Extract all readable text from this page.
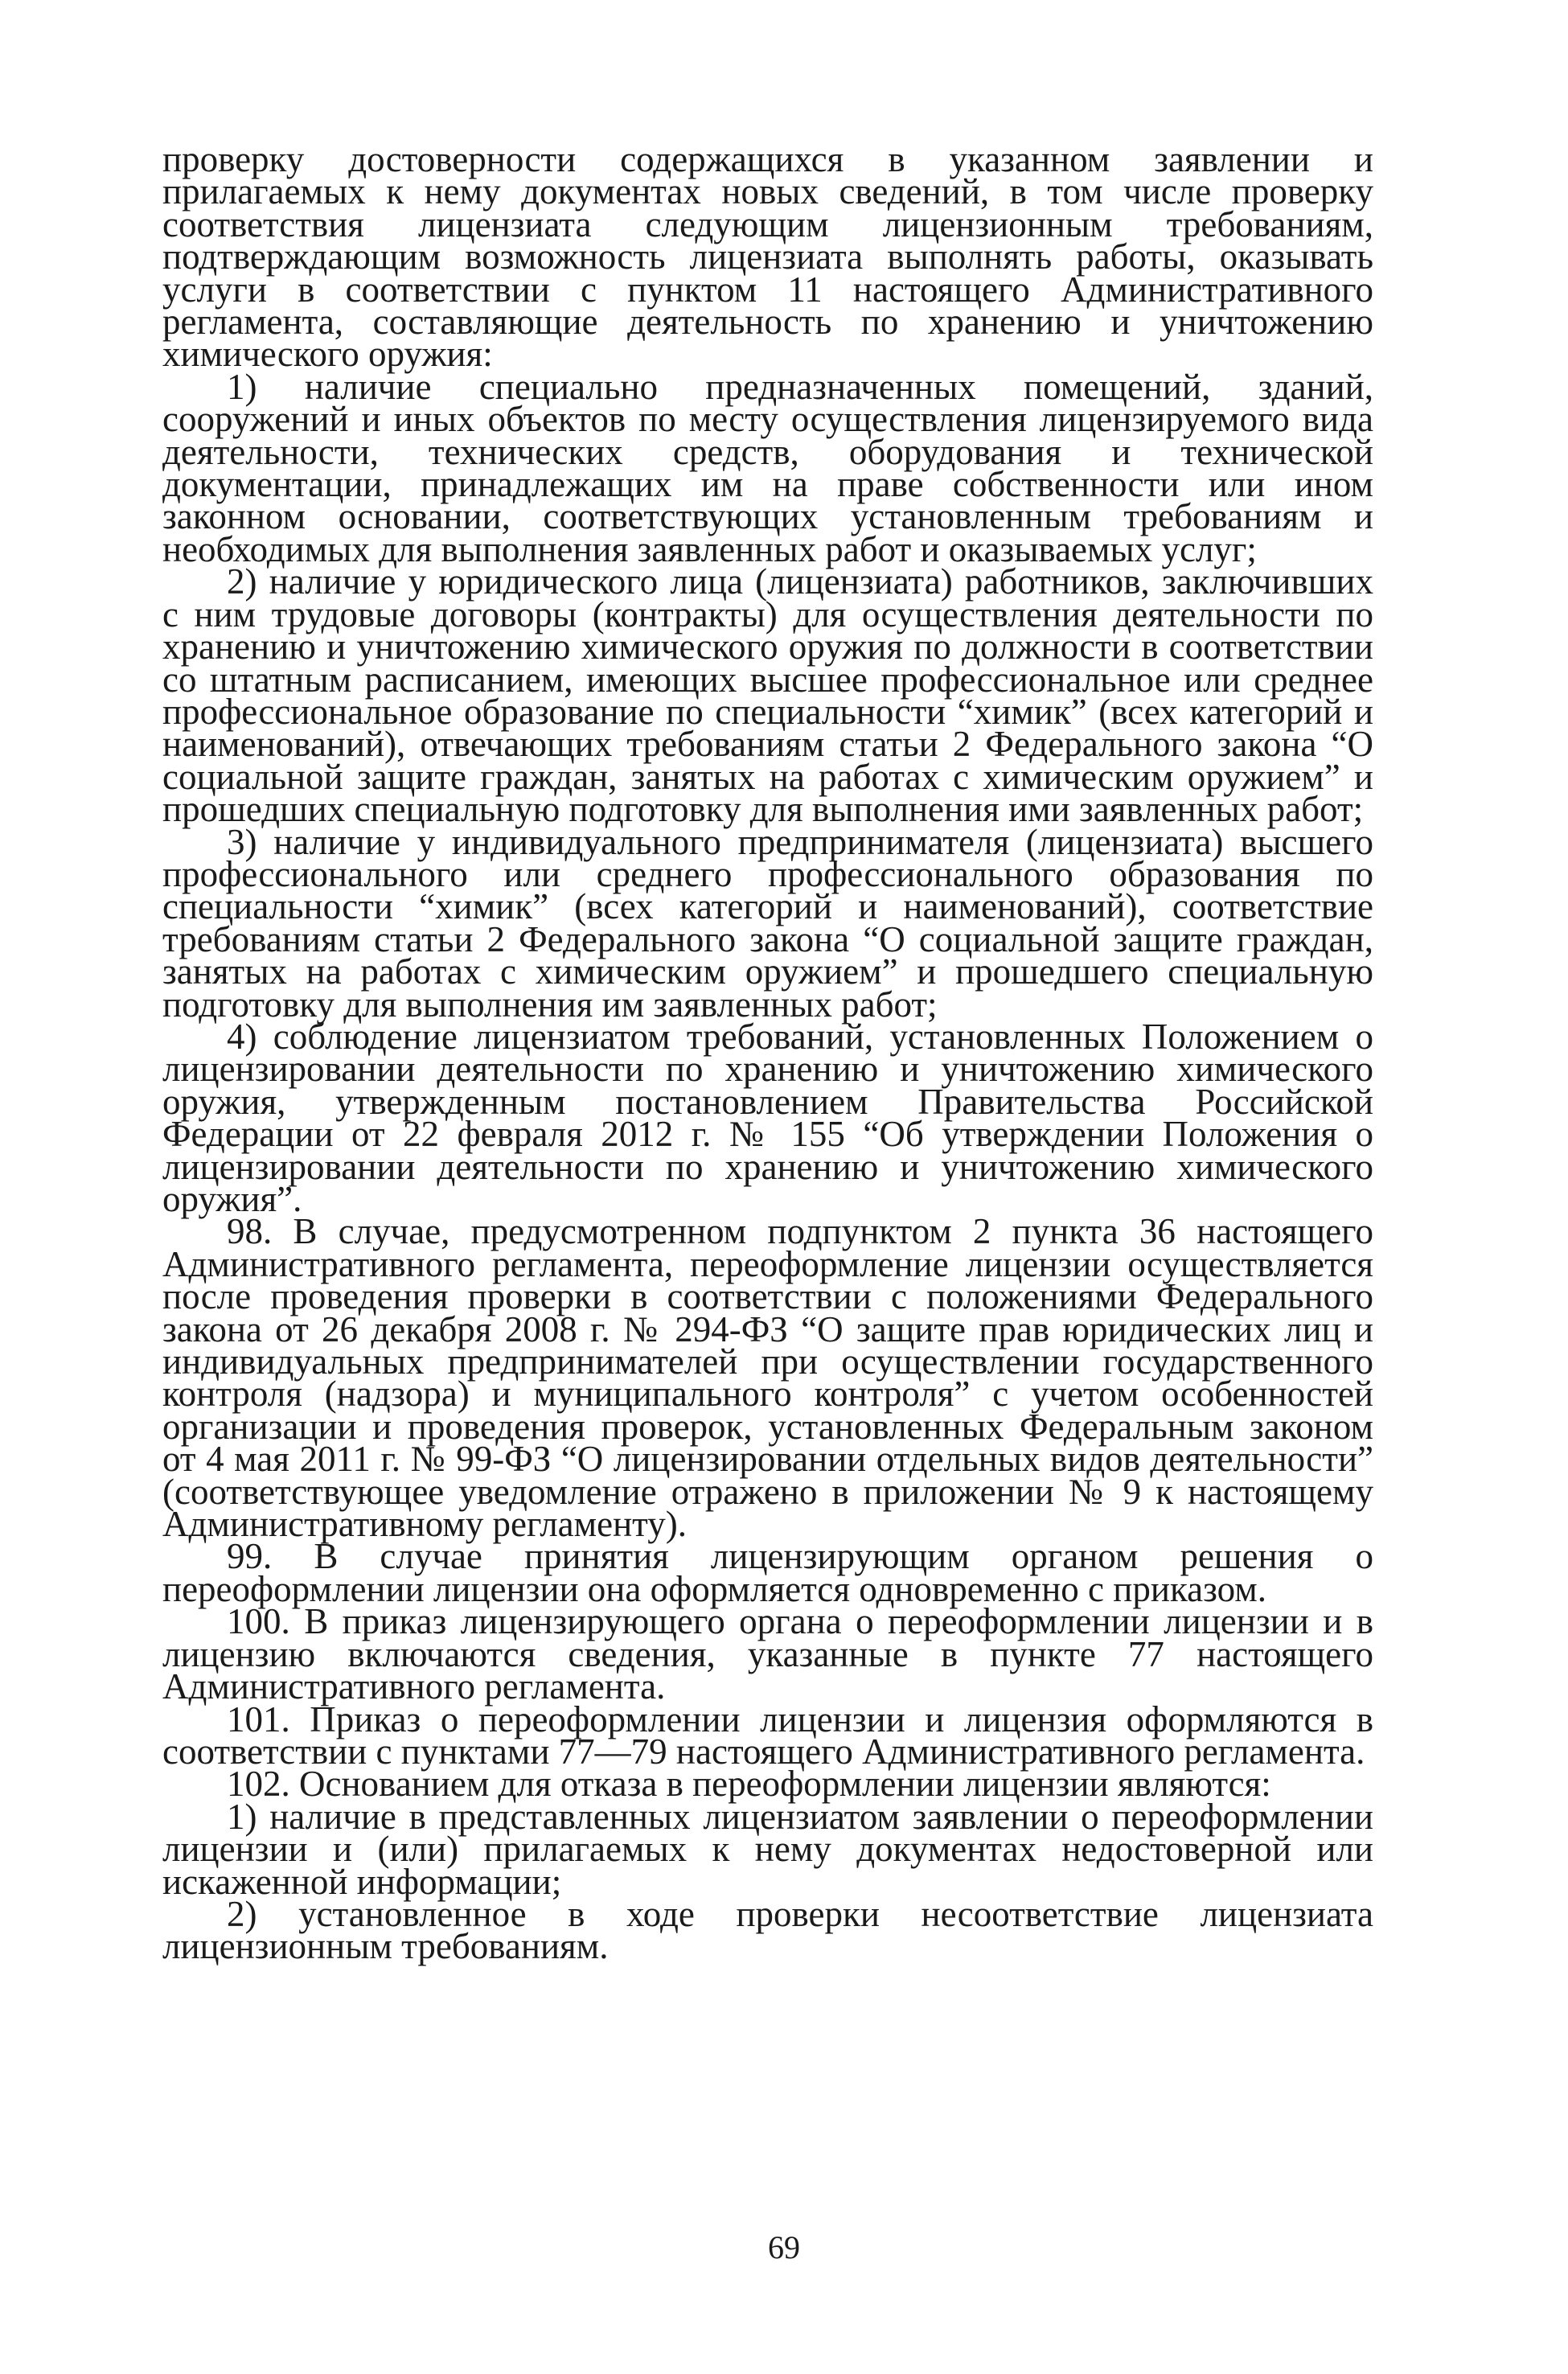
проверку достоверности содержащихся в указанном заявлении и прилагаемых к нему документах новых сведений, в том числе проверку соответствия лицензиата следующим лицензионным требованиям, подтверждающим возможность лицензиата выполнять работы, оказывать услуги в соответствии с пунктом 11 настоящего Административного регламента, составляющие деятельность по хранению и уничтожению химического оружия:

1) наличие специально предназначенных помещений, зданий, сооружений и иных объектов по месту осуществления лицензируемого вида деятельности, технических средств, оборудования и технической документации, принадлежащих им на праве собственности или ином законном основании, соответствующих установленным требованиям и необходимых для выполнения заявленных работ и оказываемых услуг;

2) наличие у юридического лица (лицензиата) работников, заключивших с ним трудовые договоры (контракты) для осуществления деятельности по хранению и уничтожению химического оружия по должности в соответствии со штатным расписанием, имеющих высшее профессиональное или среднее профессиональное образование по специальности “химик” (всех категорий и наименований), отвечающих требованиям статьи 2 Федерального закона “О социальной защите граждан, занятых на работах с химическим оружием” и прошедших специальную подготовку для выполнения ими заявленных работ;

3) наличие у индивидуального предпринимателя (лицензиата) высшего профессионального или среднего профессионального образования по специальности “химик” (всех категорий и наименований), соответствие требованиям статьи 2 Федерального закона “О социальной защите граждан, занятых на работах с химическим оружием” и прошедшего специальную подготовку для выполнения им заявленных работ;

4) соблюдение лицензиатом требований, установленных Положением о лицензировании деятельности по хранению и уничтожению химического оружия, утвержденным постановлением Правительства Российской Федерации от 22 февраля 2012 г. № 155 “Об утверждении Положения о лицензировании деятельности по хранению и уничтожению химического оружия”.

98. В случае, предусмотренном подпунктом 2 пункта 36 настоящего Административного регламента, переоформление лицензии осуществляется после проведения проверки в соответствии с положениями Федерального закона от 26 декабря 2008 г. № 294-ФЗ “О защите прав юридических лиц и индивидуальных предпринимателей при осуществлении государственного контроля (надзора) и муниципального контроля” с учетом особенностей организации и проведения проверок, установленных Федеральным законом от 4 мая 2011 г. № 99-ФЗ “О лицензировании отдельных видов деятельности” (соответствующее уведомление отражено в приложении № 9 к настоящему Административному регламенту).

99. В случае принятия лицензирующим органом решения о переоформлении лицензии она оформляется одновременно с приказом.

100. В приказ лицензирующего органа о переоформлении лицензии и в лицензию включаются сведения, указанные в пункте 77 настоящего Административного регламента.

101. Приказ о переоформлении лицензии и лицензия оформляются в соответствии с пунктами 77—79 настоящего Административного регламента.

102. Основанием для отказа в переоформлении лицензии являются:

1) наличие в представленных лицензиатом заявлении о переоформлении лицензии и (или) прилагаемых к нему документах недостоверной или искаженной информации;

2) установленное в ходе проверки несоответствие лицензиата лицензионным требованиям.

69
